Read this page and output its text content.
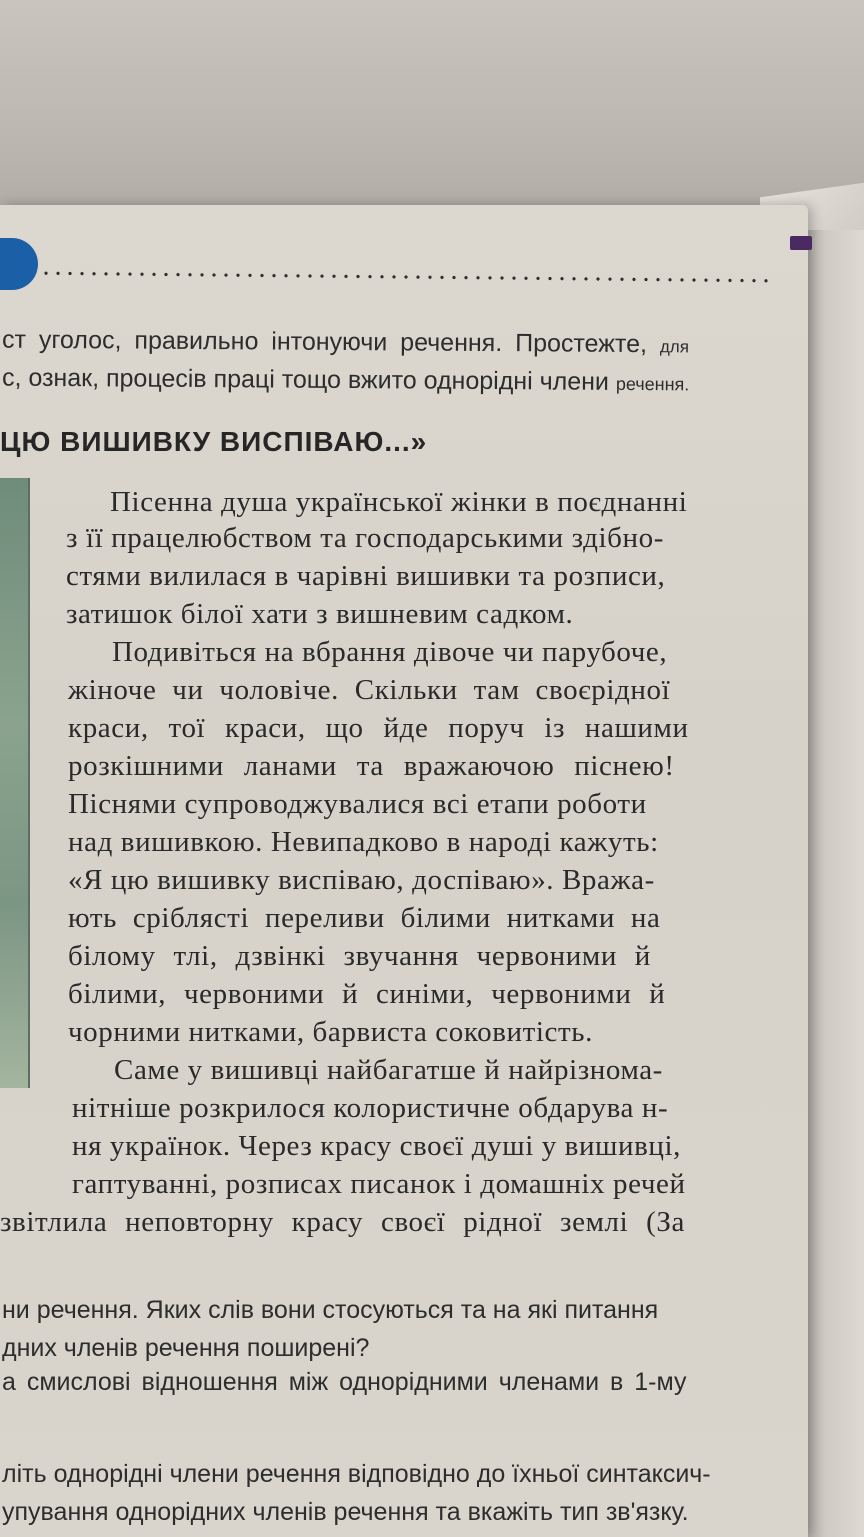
ст уголос, правильно інтонуючи речення. Простежте, для

с, ознак, процесів праці тощо вжито однорідні члени речення.

ЦЮ ВИШИВКУ ВИСПІВАЮ...»

Пісенна душа української жінки в поєднанні

з її працелюбством та господарськими здібно-

стями вилилася в чарівні вишивки та розписи,

затишок білої хати з вишневим садком.

Подивіться на вбрання дівоче чи парубоче,

жіноче чи чоловіче. Скільки там своєрідної

краси, тої краси, що йде поруч із нашими

розкішними ланами та вражаючою піснею!

Піснями супроводжувалися всі етапи роботи

над вишивкою. Невипадково в народі кажуть:

«Я цю вишивку виспіваю, доспіваю». Вража-

ють сріблясті переливи білими нитками на

білому тлі, дзвінкі звучання червоними й

білими, червоними й синіми, червоними й

чорними нитками, барвиста соковитість.

Саме у вишивці найбагатше й найрізнома-

нітніше розкрилося колористичне обдарува н-

ня українок. Через красу своєї душі у вишивці,

гаптуванні, розписах писанок і домашніх речей

звітлила неповторну красу своєї рідної землі (За

ни речення. Яких слів вони стосуються та на які питання

дних членів речення поширені?

а смислові відношення між однорідними членами в 1-му

літь однорідні члени речення відповідно до їхньої синтаксич-

упування однорідних членів речення та вкажіть тип зв'язку.
